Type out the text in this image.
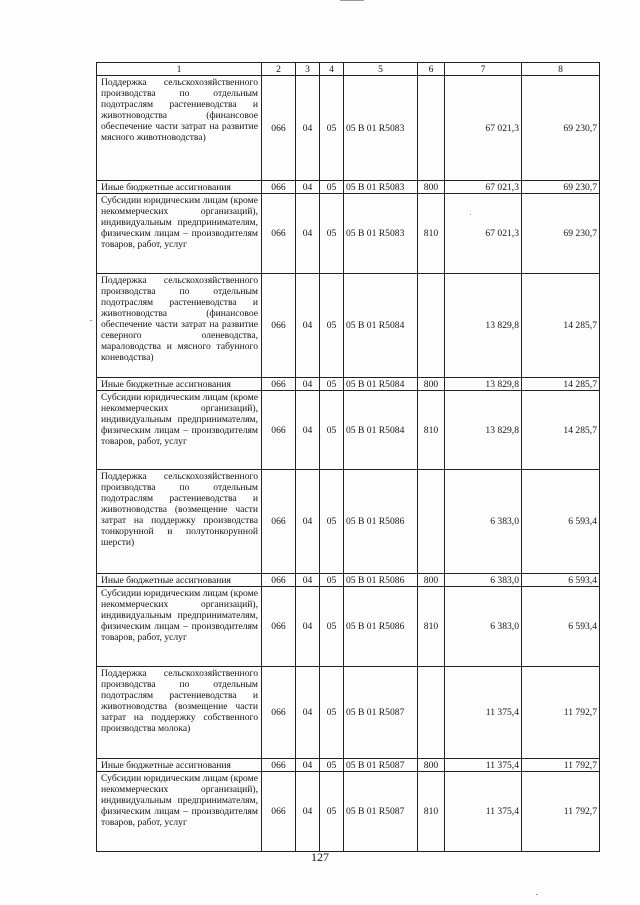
1	2	3	4	5	6	7	8
Поддержка сельскохозяйственного производства по отдельным подотраслям растениеводства и животноводства (финансовое обеспечение части затрат на развитие мясного животноводства)	066	04	05	05 В 01 R5083		67 021,3	69 230,7
Иные бюджетные ассигнования	066	04	05	05 В 01 R5083	800	67 021,3	69 230,7
Субсидии юридическим лицам (кроме некоммерческих организаций), индивидуальным предпринимателям, физическим лицам – производителям товаров, работ, услуг	066	04	05	05 В 01 R5083	810	67 021,3	69 230,7
Поддержка сельскохозяйственного производства по отдельным подотраслям растениеводства и животноводства (финансовое обеспечение части затрат на развитие северного оленеводства, мараловодства и мясного табунного коневодства)	066	04	05	05 В 01 R5084		13 829,8	14 285,7
Иные бюджетные ассигнования	066	04	05	05 В 01 R5084	800	13 829,8	14 285,7
Субсидии юридическим лицам (кроме некоммерческих организаций), индивидуальным предпринимателям, физическим лицам – производителям товаров, работ, услуг	066	04	05	05 В 01 R5084	810	13 829,8	14 285,7
Поддержка сельскохозяйственного производства по отдельным подотраслям растениеводства и животноводства (возмещение части затрат на поддержку производства тонкорунной и полутонкорунной шерсти)	066	04	05	05 В 01 R5086		6 383,0	6 593,4
Иные бюджетные ассигнования	066	04	05	05 В 01 R5086	800	6 383,0	6 593,4
Субсидии юридическим лицам (кроме некоммерческих организаций), индивидуальным предпринимателям, физическим лицам – производителям товаров, работ, услуг	066	04	05	05 В 01 R5086	810	6 383,0	6 593,4
Поддержка сельскохозяйственного производства по отдельным подотраслям растениеводства и животноводства (возмещение части затрат на поддержку собственного производства молока)	066	04	05	05 В 01 R5087		11 375,4	11 792,7
Иные бюджетные ассигнования	066	04	05	05 В 01 R5087	800	11 375,4	11 792,7
Субсидии юридическим лицам (кроме некоммерческих организаций), индивидуальным предпринимателям, физическим лицам – производителям товаров, работ, услуг	066	04	05	05 В 01 R5087	810	11 375,4	11 792,7
127
